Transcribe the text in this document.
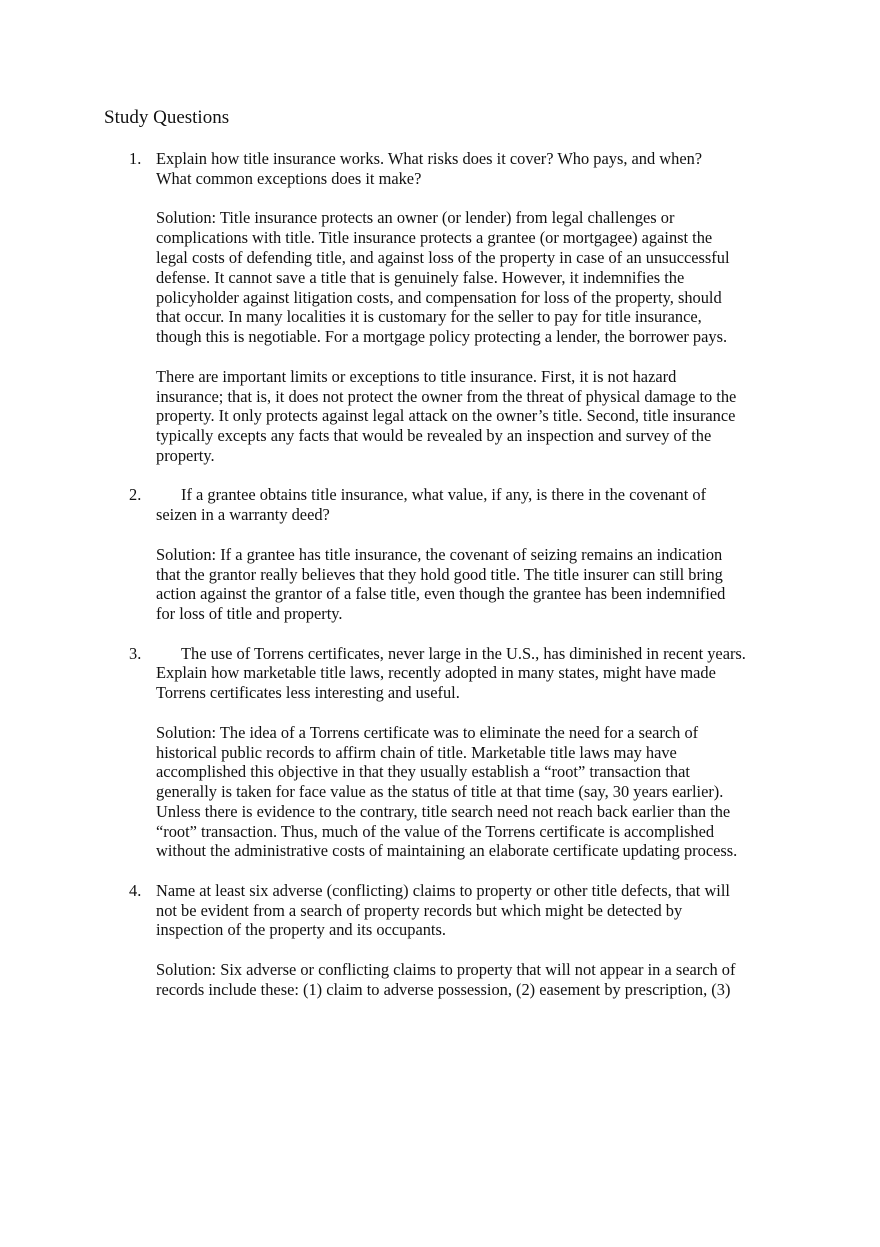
Study Questions
1. Explain how title insurance works. What risks does it cover? Who pays, and when?
What common exceptions does it make?

Solution: Title insurance protects an owner (or lender) from legal challenges or
complications with title. Title insurance protects a grantee (or mortgagee) against the
legal costs of defending title, and against loss of the property in case of an unsuccessful
defense. It cannot save a title that is genuinely false. However, it indemnifies the
policyholder against litigation costs, and compensation for loss of the property, should
that occur. In many localities it is customary for the seller to pay for title insurance,
though this is negotiable. For a mortgage policy protecting a lender, the borrower pays.

There are important limits or exceptions to title insurance. First, it is not hazard
insurance; that is, it does not protect the owner from the threat of physical damage to the
property. It only protects against legal attack on the owner’s title. Second, title insurance
typically excepts any facts that would be revealed by an inspection and survey of the
property.

2.	If a grantee obtains title insurance, what value, if any, is there in the covenant of
seizen in a warranty deed?

Solution: If a grantee has title insurance, the covenant of seizing remains an indication
that the grantor really believes that they hold good title. The title insurer can still bring
action against the grantor of a false title, even though the grantee has been indemnified
for loss of title and property.

3.	The use of Torrens certificates, never large in the U.S., has diminished in recent years.
Explain how marketable title laws, recently adopted in many states, might have made
Torrens certificates less interesting and useful.

Solution: The idea of a Torrens certificate was to eliminate the need for a search of
historical public records to affirm chain of title. Marketable title laws may have
accomplished this objective in that they usually establish a “root” transaction that
generally is taken for face value as the status of title at that time (say, 30 years earlier).
Unless there is evidence to the contrary, title search need not reach back earlier than the
“root” transaction. Thus, much of the value of the Torrens certificate is accomplished
without the administrative costs of maintaining an elaborate certificate updating process.

4. Name at least six adverse (conflicting) claims to property or other title defects, that will
not be evident from a search of property records but which might be detected by
inspection of the property and its occupants.

Solution: Six adverse or conflicting claims to property that will not appear in a search of
records include these: (1) claim to adverse possession, (2) easement by prescription, (3)
